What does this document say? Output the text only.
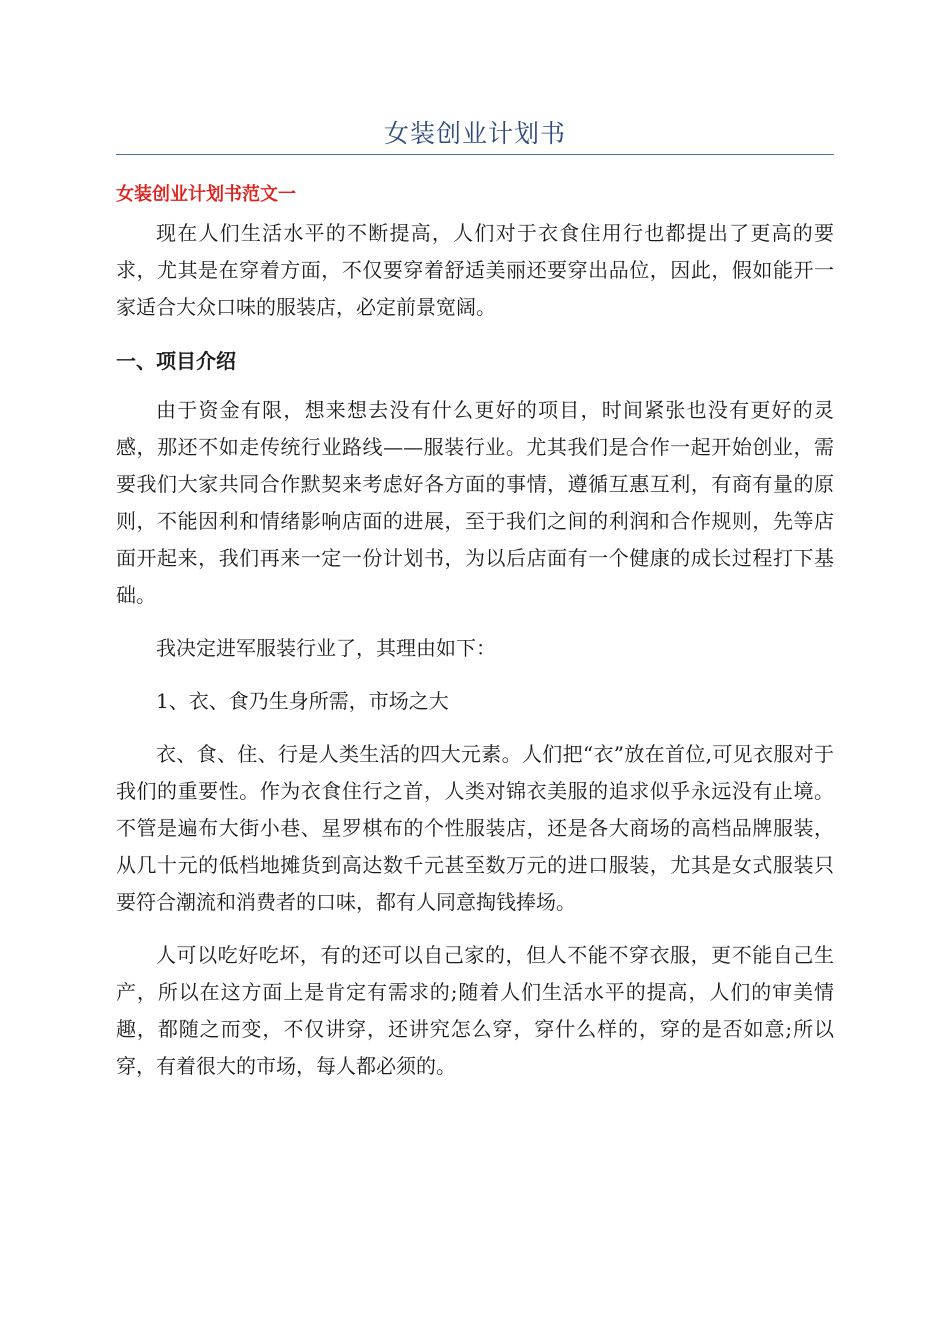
女装创业计划书
女装创业计划书范文一

现在人们生活水平的不断提高，人们对于衣食住用行也都提出了更高的要求，尤其是在穿着方面，不仅要穿着舒适美丽还要穿出品位，因此，假如能开一家适合大众口味的服装店，必定前景宽阔。

一、项目介绍

由于资金有限，想来想去没有什么更好的项目，时间紧张也没有更好的灵感，那还不如走传统行业路线——服装行业。尤其我们是合作一起开始创业，需要我们大家共同合作默契来考虑好各方面的事情，遵循互惠互利，有商有量的原则，不能因利和情绪影响店面的进展，至于我们之间的利润和合作规则，先等店面开起来，我们再来一定一份计划书，为以后店面有一个健康的成长过程打下基础。

我决定进军服装行业了，其理由如下：

1、衣、食乃生身所需，市场之大

衣、食、住、行是人类生活的四大元素。人们把“衣”放在首位,可见衣服对于我们的重要性。作为衣食住行之首，人类对锦衣美服的追求似乎永远没有止境。不管是遍布大街小巷、星罗棋布的个性服装店，还是各大商场的高档品牌服装，从几十元的低档地摊货到高达数千元甚至数万元的进口服装，尤其是女式服装只要符合潮流和消费者的口味，都有人同意掏钱捧场。

人可以吃好吃坏，有的还可以自己家的，但人不能不穿衣服，更不能自己生产，所以在这方面上是肯定有需求的;随着人们生活水平的提高，人们的审美情趣，都随之而变，不仅讲穿，还讲究怎么穿，穿什么样的，穿的是否如意;所以穿，有着很大的市场，每人都必须的。
